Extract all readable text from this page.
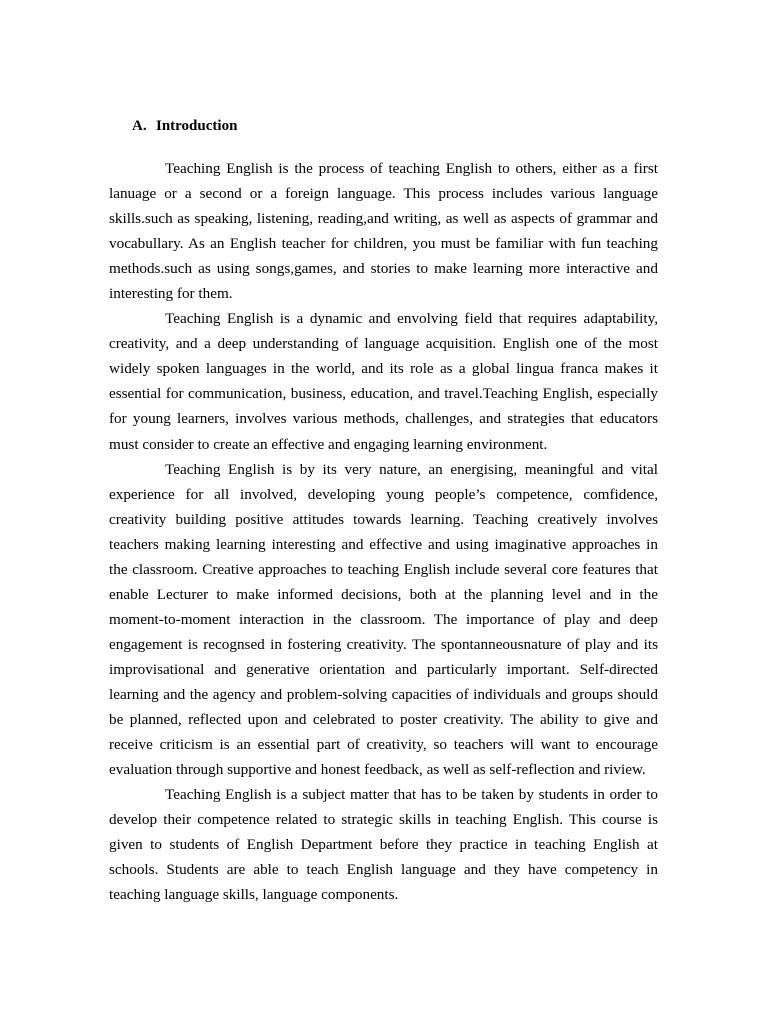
A. Introduction

Teaching English is the process of teaching English to others, either as a first lanuage or a second or a foreign language. This process includes various language skills.such as speaking, listening, reading,and writing, as well as aspects of grammar and vocabullary. As an English teacher for children, you must be familiar with fun teaching methods.such as using songs,games, and stories to make learning more interactive and interesting for them.

Teaching English is a dynamic and envolving field that requires adaptability, creativity, and a deep understanding of language acquisition. English one of the most widely spoken languages in the world, and its role as a global lingua franca makes it essential for communication, business, education, and travel.Teaching English, especially for young learners, involves various methods, challenges, and strategies that educators must consider to create an effective and engaging learning environment.

Teaching English is by its very nature, an energising, meaningful and vital experience for all involved, developing young people’s competence, comfidence, creativity building positive attitudes towards learning. Teaching creatively involves teachers making learning interesting and effective and using imaginative approaches in the classroom. Creative approaches to teaching English include several core features that enable Lecturer to make informed decisions, both at the planning level and in the moment-to-moment interaction in the classroom. The importance of play and deep engagement is recognsed in fostering creativity. The spontanneousnature of play and its improvisational and generative orientation and particularly important. Self-directed learning and the agency and problem-solving capacities of individuals and groups should be planned, reflected upon and celebrated to poster creativity. The ability to give and receive criticism is an essential part of creativity, so teachers will want to encourage evaluation through supportive and honest feedback, as well as self-reflection and riview.

Teaching English is a subject matter that has to be taken by students in order to develop their competence related to strategic skills in teaching English. This course is given to students of English Department before they practice in teaching English at schools. Students are able to teach English language and they have competency in teaching language skills, language components.
